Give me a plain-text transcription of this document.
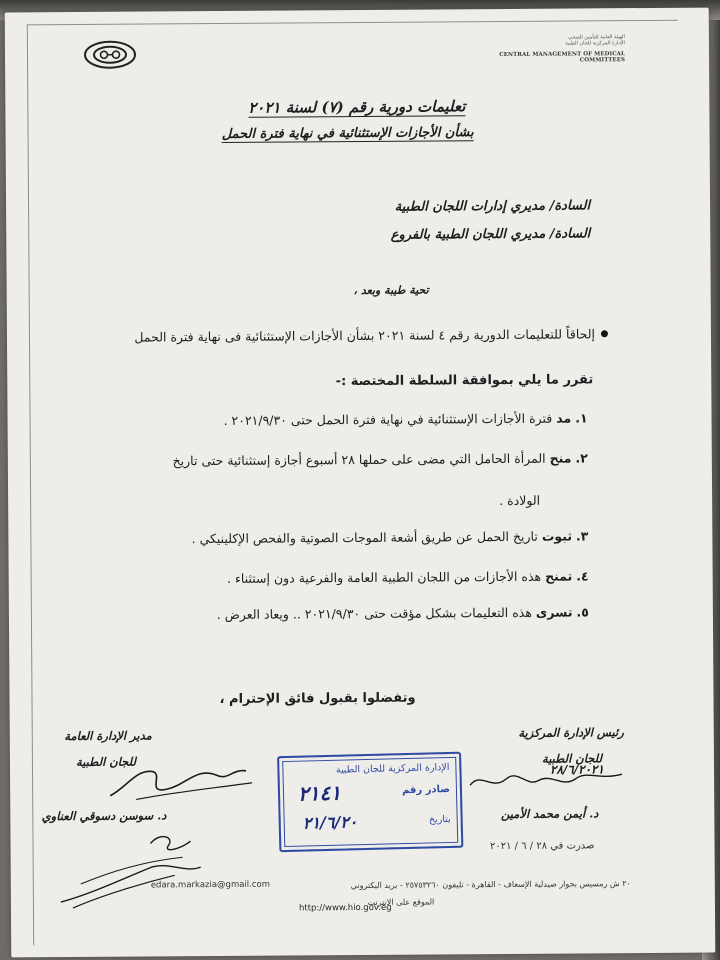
الهيئة العامة للتأمين الصحي
الإدارة المركزية للجان الطبية
CENTRAL MANAGEMENT OF MEDICAL COMMITTEES
تعليمات دورية رقم (٧) لسنة ٢٠٢١
بشأن الأجازات الإستثنائية في نهاية فترة الحمل
السادة/ مديري إدارات اللجان الطبية
السادة/ مديري اللجان الطبية بالفروع
تحية طيبة وبعد ،
إلحاقاً للتعليمات الدورية رقم ٤ لسنة ٢٠٢١ بشأن الأجازات الإستثنائية فى نهاية فترة الحمل
تقرر ما يلي بموافقة السلطة المختصة :-
١. مد فترة الأجازات الإستثنائية في نهاية فترة الحمل حتى ٢٠٢١/٩/٣٠ .
٢. منح المرأة الحامل التي مضى على حملها ٢٨ أسبوع أجازة إستثنائية حتى تاريخ
الولادة .
٣. ثبوت تاريخ الحمل عن طريق أشعة الموجات الصوتية والفحص الإكلينيكي .
٤. تمنح هذه الأجازات من اللجان الطبية العامة والفرعية دون إستثناء .
٥. تسرى هذه التعليمات بشكل مؤقت حتى ٢٠٢١/٩/٣٠ .. ويعاد العرض .
وتفضلوا بقبول فائق الإحترام ،
رئيس الإدارة المركزية
للجان الطبية
مدير الإدارة العامة
للجان الطبية
د. أيمن محمد الأمين
٢٨/٦/٢٠٢١
د. سوسن دسوقي العناوي
صدرت في ٢٨ / ٦ / ٢٠٢١
الإدارة المركزية للجان الطبية
صادر رقم
٢١٤١
بتاريخ
٢١/٦/٢٠
edara.markazia@gmail.com	٢٠ ش رمسيس بجوار صيدلية الإسعاف - القاهرة - تليفون ٢٥٧٥٣٢٦٠ - بريد اليكتروني
الموقع على الانترنت
http://www.hio.gov.eg
